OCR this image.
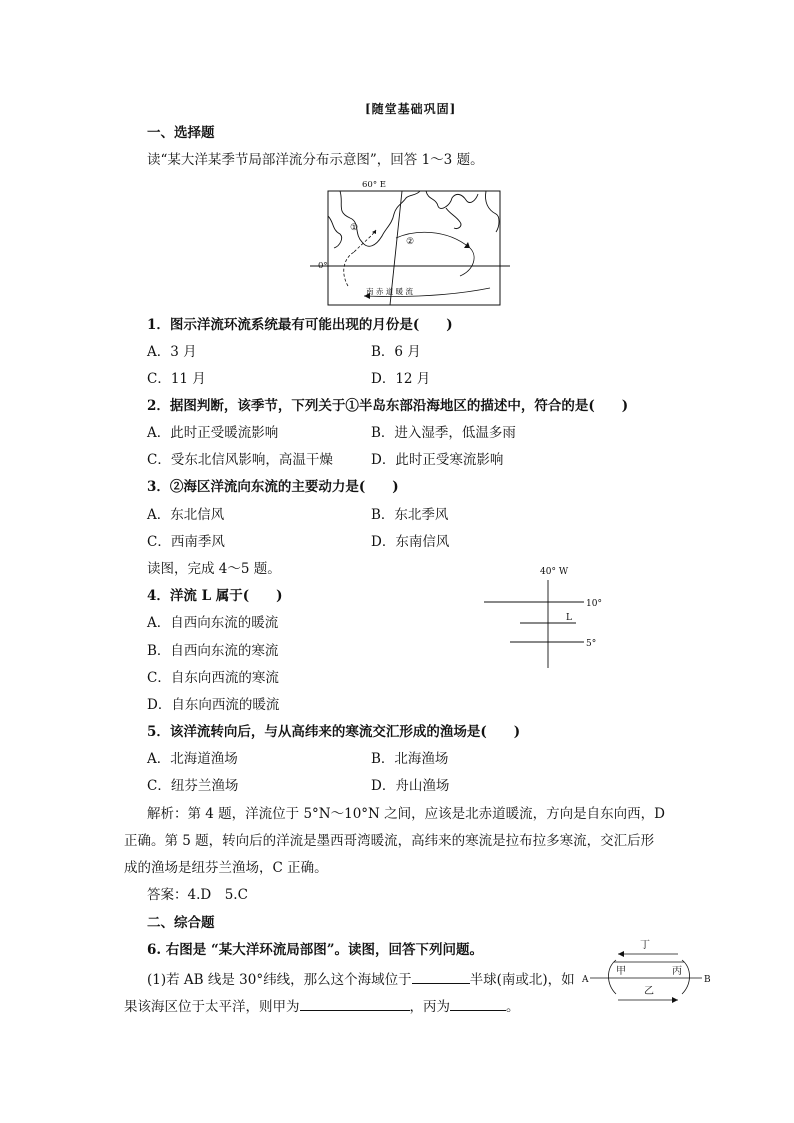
[随堂基础巩固]
一、选择题
读“某大洋某季节局部洋流分布示意图”，回答 1～3 题。
60° E
0°
①
②
南 赤 道 暖 流
1．图示洋流环流系统最有可能出现的月份是(　　)
A．3 月	B．6 月
C．11 月	D．12 月
2．据图判断，该季节，下列关于①半岛东部沿海地区的描述中，符合的是(　　)
A．此时正受暖流影响	B．进入湿季，低温多雨
C．受东北信风影响，高温干燥	D．此时正受寒流影响
3．②海区洋流向东流的主要动力是(　　)
A．东北信风	B．东北季风
C．西南季风	D．东南信风
读图，完成 4～5 题。	40° W
10°
L
5°
4．洋流 L 属于(　　)
A．自西向东流的暖流
B．自西向东流的寒流
C．自东向西流的寒流
D．自东向西流的暖流
5．该洋流转向后，与从高纬来的寒流交汇形成的渔场是(　　)
A．北海道渔场	B．北海渔场
C．纽芬兰渔场	D．舟山渔场
解析：第 4 题，洋流位于 5°N～10°N 之间，应该是北赤道暖流，方向是自东向西，D
正确。第 5 题，转向后的洋流是墨西哥湾暖流，高纬来的寒流是拉布拉多寒流，交汇后形
成的渔场是纽芬兰渔场，C 正确。
答案：4.D　5.C
二、综合题
6. 右图是 “某大洋环流局部图”。读图，回答下列问题。
(1)若 AB 线是 30°纬线，那么这个海域位于	半球(南或北)，如
果该海区位于太平洋，则甲为	，丙为	。
丁
甲	丙
A	B
乙
